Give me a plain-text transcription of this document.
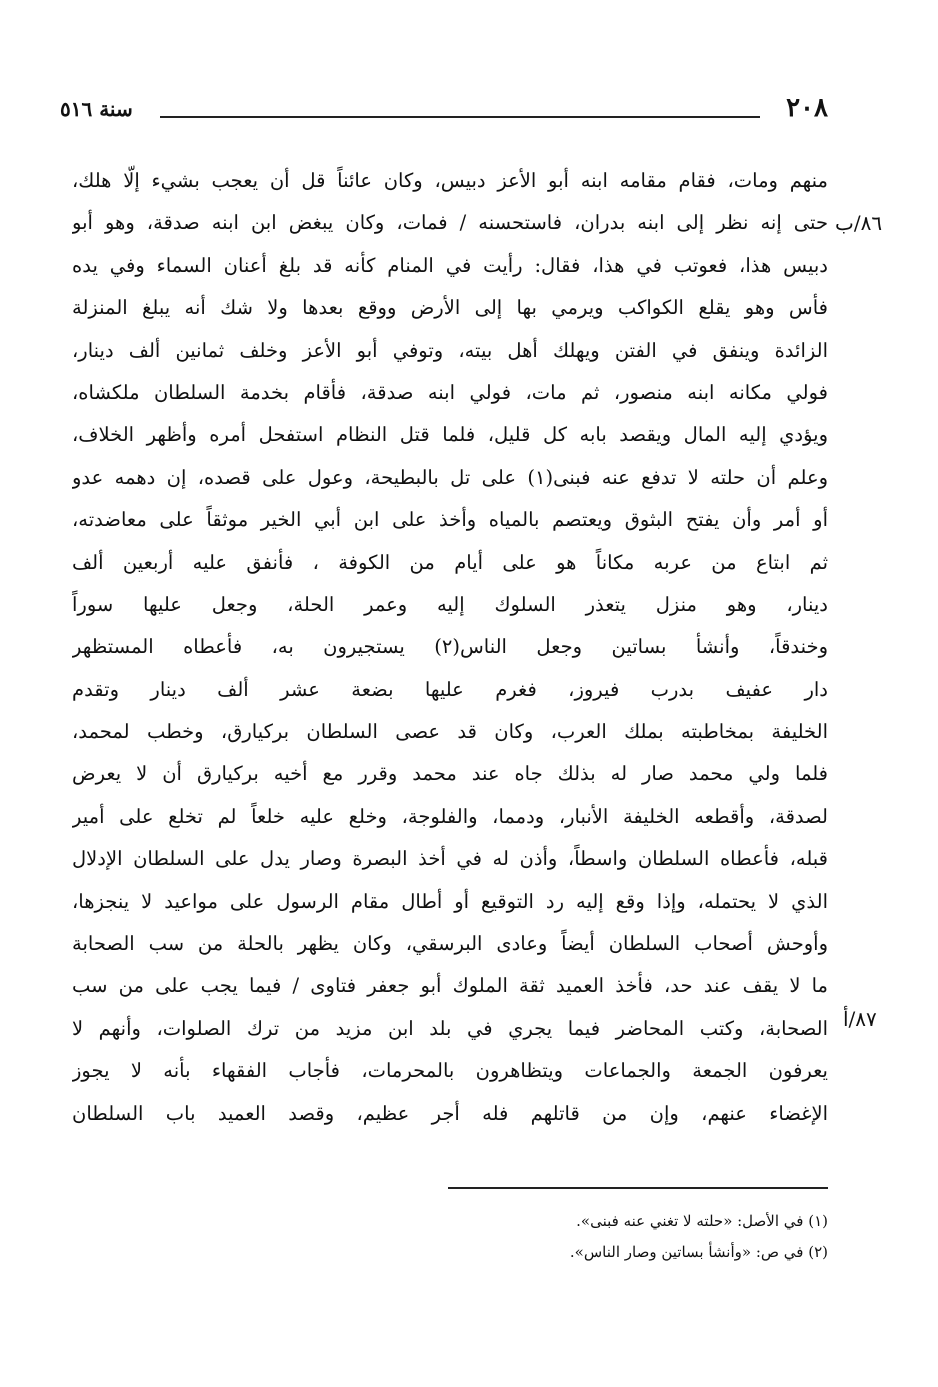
٢٠٨
سنة ٥١٦
٨٦/ب
٨٧/أ
منهم ومات، فقام مقامه ابنه أبو الأعز دبيس، وكان عائناً قل أن يعجب بشيء إلّا هلك،
حتى إنه نظر إلى ابنه بدران، فاستحسنه / فمات، وكان يبغض ابن ابنه صدقة، وهو أبو
دبيس هذا، فعوتب في هذا، فقال: رأيت في المنام كأنه قد بلغ أعنان السماء وفي يده
فأس وهو يقلع الكواكب ويرمي بها إلى الأرض ووقع بعدها ولا شك أنه يبلغ المنزلة
الزائدة وينفق في الفتن ويهلك أهل بيته، وتوفي أبو الأعز وخلف ثمانين ألف دينار،
فولي مكانه ابنه منصور، ثم مات، فولي ابنه صدقة، فأقام بخدمة السلطان ملكشاه،
ويؤدي إليه المال ويقصد بابه كل قليل، فلما قتل النظام استفحل أمره وأظهر الخلاف،
وعلم أن حلته لا تدفع عنه فبنى(١) على تل بالبطيحة، وعول على قصده، إن دهمه عدو
أو أمر وأن يفتح البثوق ويعتصم بالمياه وأخذ على ابن أبي الخير موثقاً على معاضدته،
ثم ابتاع من عربه مكاناً هو على أيام من الكوفة ، فأنفق عليه أربعين ألف
دينار، وهو منزل يتعذر السلوك إليه وعمر الحلة، وجعل عليها سوراً
وخندقاً، وأنشأ بساتين وجعل الناس(٢) يستجيرون به، فأعطاه المستظهر
دار عفيف بدرب فيروز، فغرم عليها بضعة عشر ألف دينار وتقدم
الخليفة بمخاطبته بملك العرب، وكان قد عصى السلطان بركيارق، وخطب لمحمد،
فلما ولي محمد صار له بذلك جاه عند محمد وقرر مع أخيه بركيارق أن لا يعرض
لصدقة، وأقطعه الخليفة الأنبار، ودمما، والفلوجة، وخلع عليه خلعاً لم تخلع على أمير
قبله، فأعطاه السلطان واسطاً، وأذن له في أخذ البصرة وصار يدل على السلطان الإدلال
الذي لا يحتمله، وإذا وقع إليه رد التوقيع أو أطال مقام الرسول على مواعيد لا ينجزها،
وأوحش أصحاب السلطان أيضاً وعادى البرسقي، وكان يظهر بالحلة من سب الصحابة
ما لا يقف عند حد، فأخذ العميد ثقة الملوك أبو جعفر فتاوى / فيما يجب على من سب
الصحابة، وكتب المحاضر فيما يجري في بلد ابن مزيد من ترك الصلوات، وأنهم لا
يعرفون الجمعة والجماعات ويتظاهرون بالمحرمات، فأجاب الفقهاء بأنه لا يجوز
الإغضاء عنهم، وإن من قاتلهم فله أجر عظيم، وقصد العميد باب السلطان
(١) في الأصل: «حلته لا تغني عنه فبنى».
(٢) في ص: «وأنشأ بساتين وصار الناس».
